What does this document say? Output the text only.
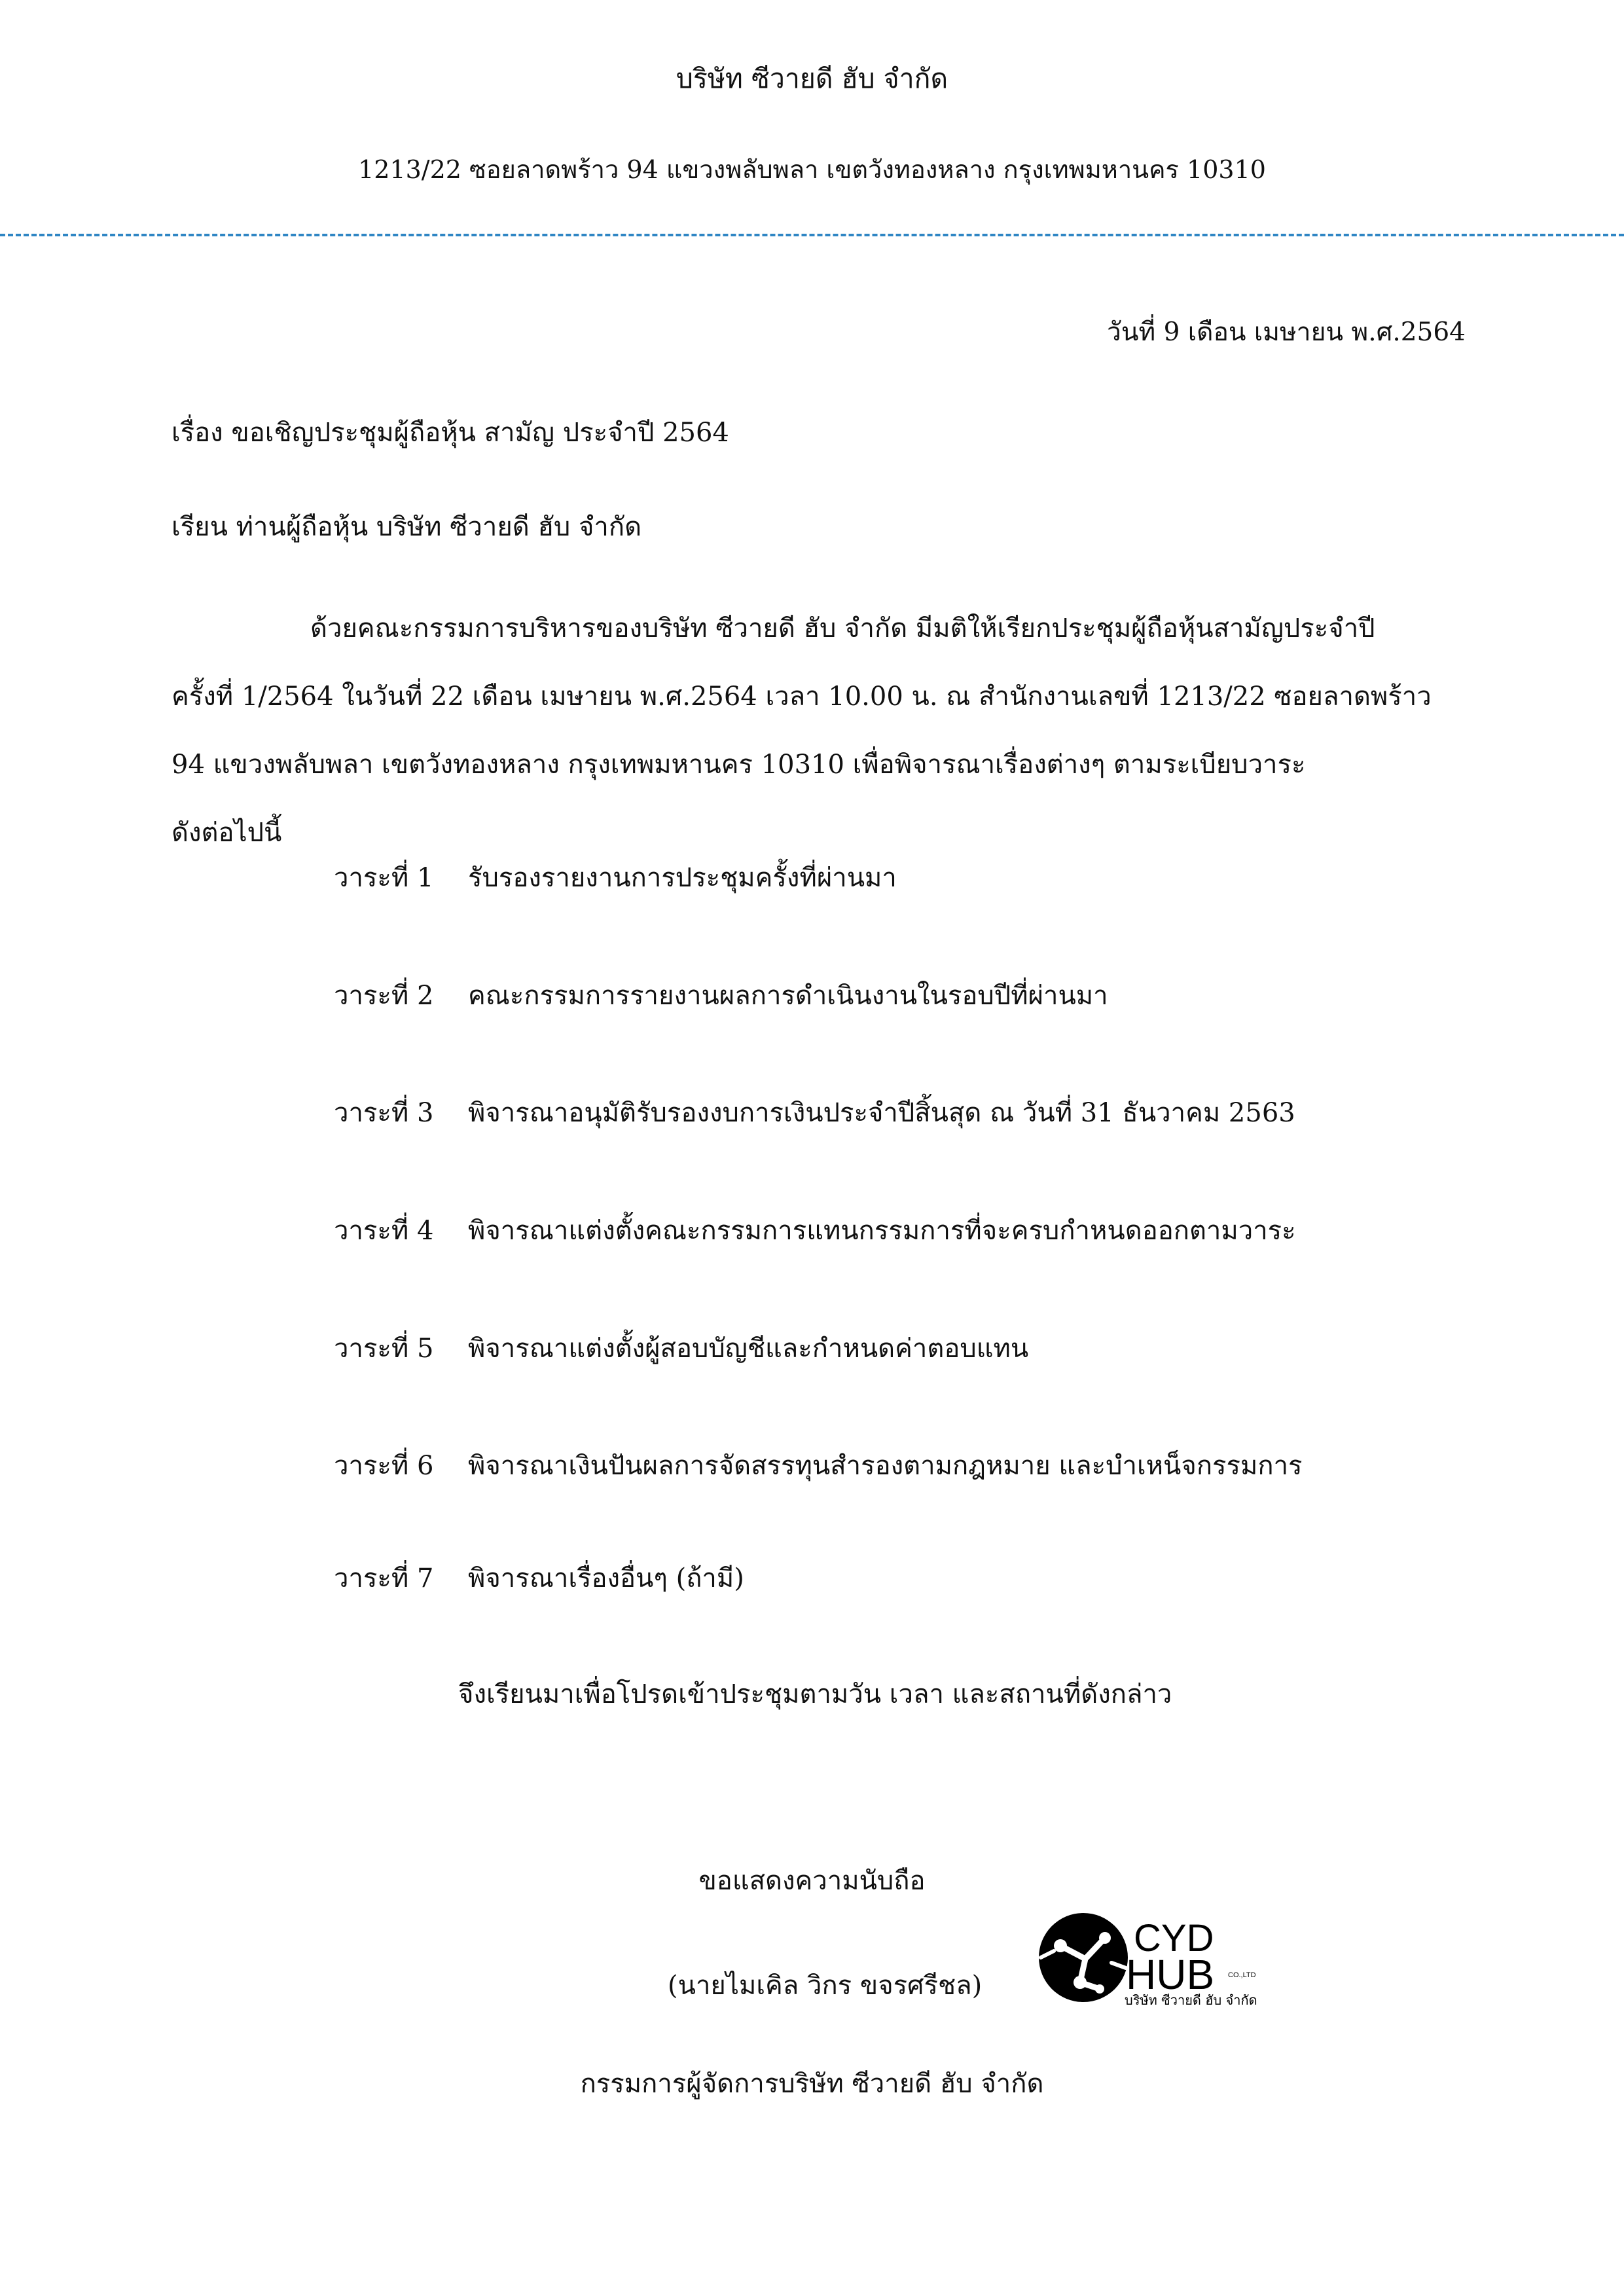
บริษัท ซีวายดี ฮับ จำกัด
1213/22 ซอยลาดพร้าว 94 แขวงพลับพลา เขตวังทองหลาง กรุงเทพมหานคร 10310
วันที่ 9 เดือน เมษายน พ.ศ.2564
เรื่อง ขอเชิญประชุมผู้ถือหุ้น สามัญ ประจำปี 2564
เรียน ท่านผู้ถือหุ้น บริษัท ซีวายดี ฮับ จำกัด

ด้วยคณะกรรมการบริหารของบริษัท ซีวายดี ฮับ จำกัด มีมติให้เรียกประชุมผู้ถือหุ้นสามัญประจำปี

ครั้งที่ 1/2564 ในวันที่ 22 เดือน เมษายน พ.ศ.2564 เวลา 10.00 น. ณ สำนักงานเลขที่ 1213/22 ซอยลาดพร้าว

94 แขวงพลับพลา เขตวังทองหลาง กรุงเทพมหานคร 10310 เพื่อพิจารณาเรื่องต่างๆ ตามระเบียบวาระ

ดังต่อไปนี้

วาระที่ 1 รับรองรายงานการประชุมครั้งที่ผ่านมา
วาระที่ 2 คณะกรรมการรายงานผลการดำเนินงานในรอบปีที่ผ่านมา
วาระที่ 3 พิจารณาอนุมัติรับรองงบการเงินประจำปีสิ้นสุด ณ วันที่ 31 ธันวาคม 2563
วาระที่ 4 พิจารณาแต่งตั้งคณะกรรมการแทนกรรมการที่จะครบกำหนดออกตามวาระ
วาระที่ 5 พิจารณาแต่งตั้งผู้สอบบัญชีและกำหนดค่าตอบแทน
วาระที่ 6 พิจารณาเงินปันผลการจัดสรรทุนสำรองตามกฎหมาย และบำเหน็จกรรมการ
วาระที่ 7 พิจารณาเรื่องอื่นๆ (ถ้ามี)
จึงเรียนมาเพื่อโปรดเข้าประชุมตามวัน เวลา และสถานที่ดังกล่าว
ขอแสดงความนับถือ
(นายไมเคิล วิกร ขจรศรีชล)
CYD
HUB CO.,LTD
บริษัท ซีวายดี ฮับ จำกัด
กรรมการผู้จัดการบริษัท ซีวายดี ฮับ จำกัด
